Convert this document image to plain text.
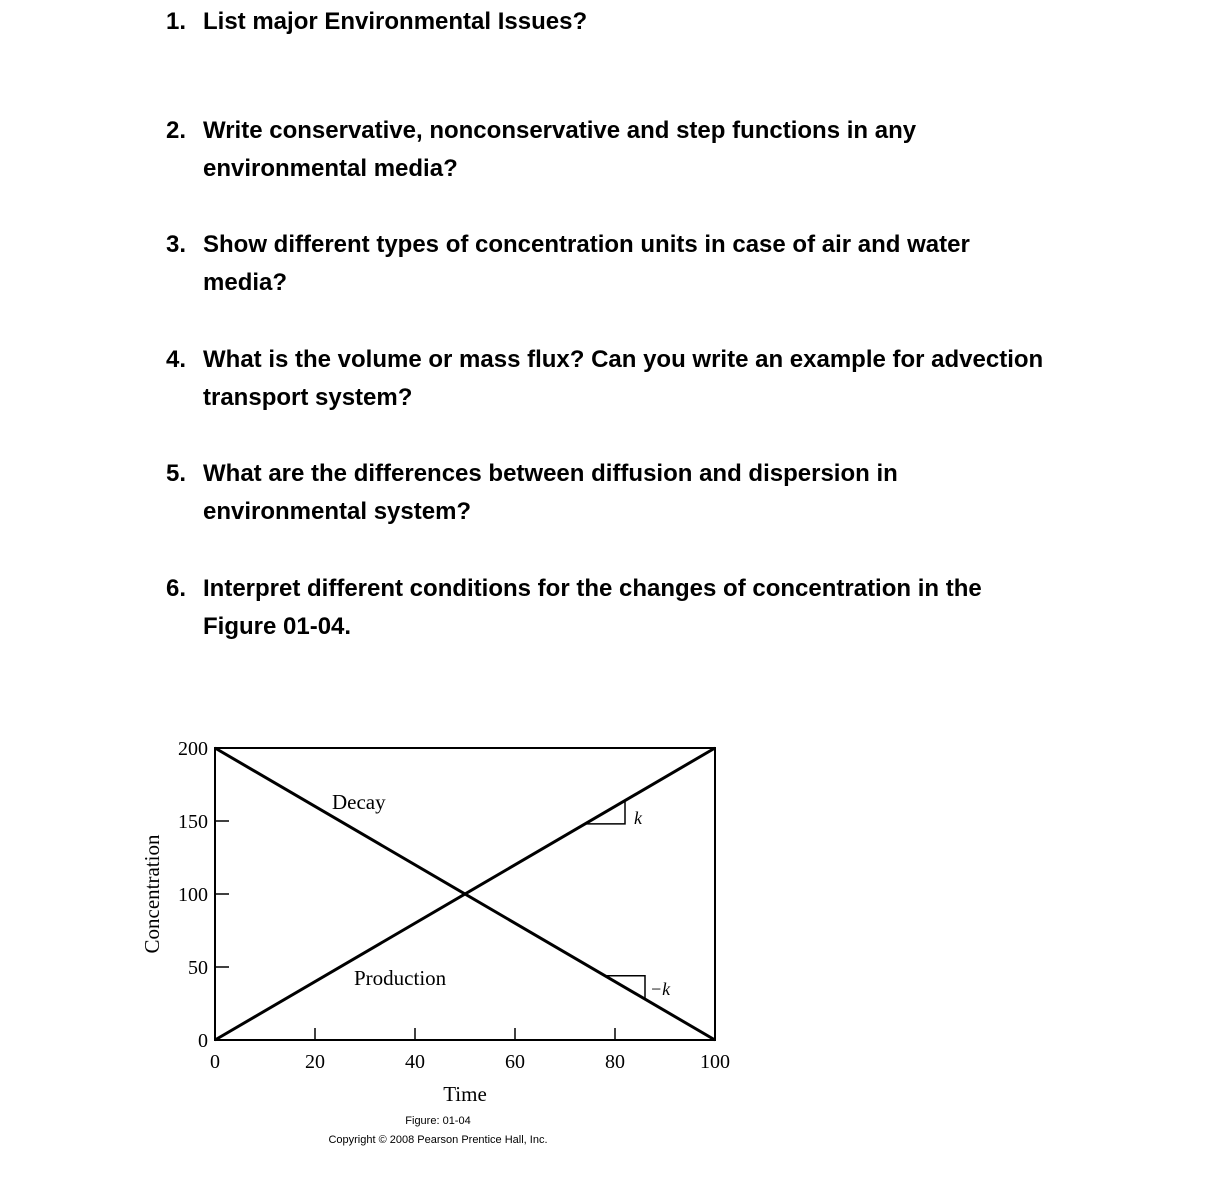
1. List major Environmental Issues?
2. Write conservative, nonconservative and step functions in any
environmental media?
3. Show different types of concentration units in case of air and water
media?
4. What is the volume or mass flux? Can you write an example for advection
transport system?
5. What are the differences between diffusion and dispersion in
environmental system?
6. Interpret different conditions for the changes of concentration in the
Figure 01-04.
0
50
100
150
200
0	20	40	60	80	100
Decay
Production
k
−k
Time
Concentration
Figure: 01-04
Copyright © 2008 Pearson Prentice Hall, Inc.
